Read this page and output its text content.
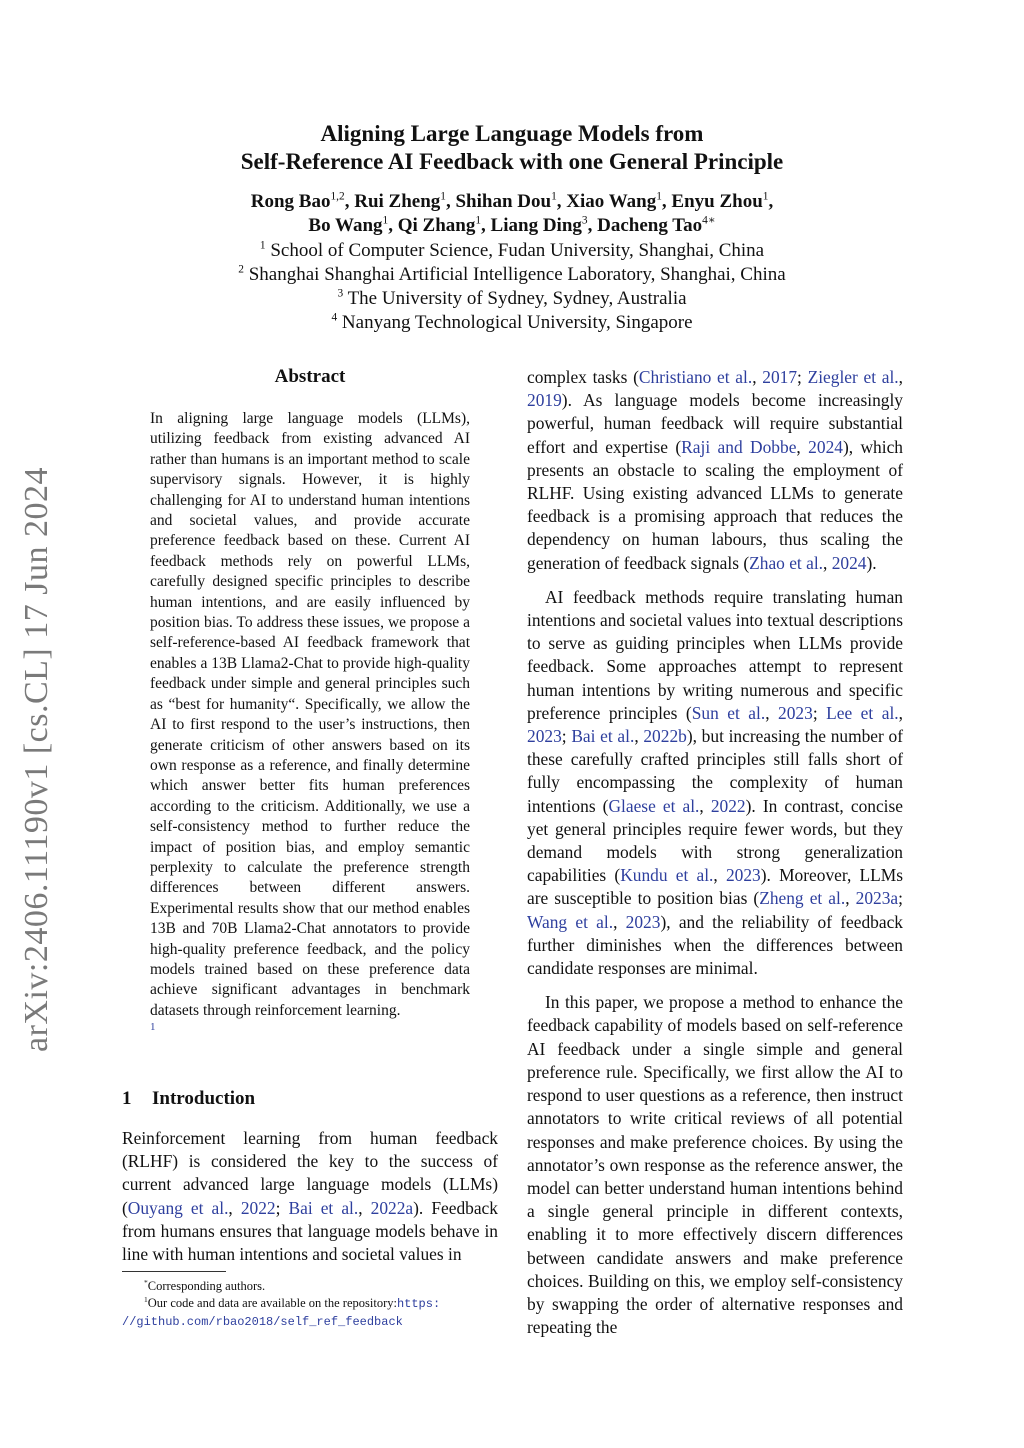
arXiv:2406.11190v1 [cs.CL] 17 Jun 2024
Aligning Large Language Models from
Self-Reference AI Feedback with one General Principle
Rong Bao$^{1,2}$, Rui Zheng$^1$, Shihan Dou$^1$, Xiao Wang$^1$, Enyu Zhou$^1$,
Bo Wang$^1$, Qi Zhang$^1$, Liang Ding$^3$, Dacheng Tao$^{4∗}$
$^1$ School of Computer Science, Fudan University, Shanghai, China
$^2$ Shanghai Shanghai Artificial Intelligence Laboratory, Shanghai, China
$^3$ The University of Sydney, Sydney, Australia
$^4$ Nanyang Technological University, Singapore
Abstract
In aligning large language models (LLMs), utilizing feedback from existing advanced AI rather than humans is an important method to scale supervisory signals. However, it is highly challenging for AI to understand human intentions and societal values, and provide accurate preference feedback based on these. Current AI feedback methods rely on powerful LLMs, carefully designed specific principles to describe human intentions, and are easily influenced by position bias. To address these issues, we propose a self-reference-based AI feedback framework that enables a 13B Llama2-Chat to provide high-quality feedback under simple and general principles such as “best for humanity“. Specifically, we allow the AI to first respond to the user’s instructions, then generate criticism of other answers based on its own response as a reference, and finally determine which answer better fits human preferences according to the criticism. Additionally, we use a self-consistency method to further reduce the impact of position bias, and employ semantic perplexity to calculate the preference strength differences between different answers. Experimental results show that our method enables 13B and 70B Llama2-Chat annotators to provide high-quality preference feedback, and the policy models trained based on these preference data achieve significant advantages in benchmark datasets through reinforcement learning.
1
1 Introduction

Reinforcement learning from human feedback (RLHF) is considered the key to the success of current advanced large language models (LLMs) (Ouyang et al., 2022; Bai et al., 2022a). Feedback from humans ensures that language models behave in line with human intentions and societal values in

*Corresponding authors.

$^1$Our code and data are available on the repository:https:

//github.com/rbao2018/self_ref_feedback

complex tasks (Christiano et al., 2017; Ziegler et al., 2019). As language models become increasingly powerful, human feedback will require substantial effort and expertise (Raji and Dobbe, 2024), which presents an obstacle to scaling the employment of RLHF. Using existing advanced LLMs to generate feedback is a promising approach that reduces the dependency on human labours, thus scaling the generation of feedback signals (Zhao et al., 2024).

AI feedback methods require translating human intentions and societal values into textual descriptions to serve as guiding principles when LLMs provide feedback. Some approaches attempt to represent human intentions by writing numerous and specific preference principles (Sun et al., 2023; Lee et al., 2023; Bai et al., 2022b), but increasing the number of these carefully crafted principles still falls short of fully encompassing the complexity of human intentions (Glaese et al., 2022). In contrast, concise yet general principles require fewer words, but they demand models with strong generalization capabilities (Kundu et al., 2023). Moreover, LLMs are susceptible to position bias (Zheng et al., 2023a; Wang et al., 2023), and the reliability of feedback further diminishes when the differences between candidate responses are minimal.

In this paper, we propose a method to enhance the feedback capability of models based on self-reference AI feedback under a single simple and general preference rule. Specifically, we first allow the AI to respond to user questions as a reference, then instruct annotators to write critical reviews of all potential responses and make preference choices. By using the annotator’s own response as the reference answer, the model can better understand human intentions behind a single general principle in different contexts, enabling it to more effectively discern differences between candidate answers and make preference choices. Building on this, we employ self-consistency by swapping the order of alternative responses and repeating the
